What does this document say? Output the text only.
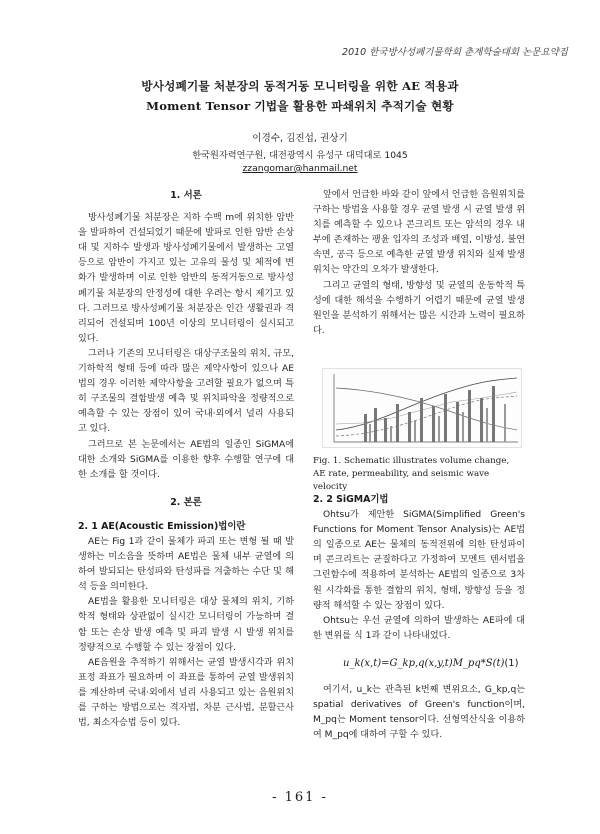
2010 한국방사성폐기물학회 춘계학술대회 논문요약집
방사성폐기물 처분장의 동적거동 모니터링을 위한 AE 적용과
Moment Tensor 기법을 활용한 파쇄위치 추적기술 현황
이경수, 김진섭, 권상기
한국원자력연구원, 대전광역시 유성구 대덕대로 1045
zzangomar@hanmail.net
1. 서론

방사성폐기물 처분장은 지하 수백 m에 위치한 암반을 발파하여 건설되었기 때문에 발파로 인한 암반 손상대 및 지하수 발생과 방사성폐기물에서 발생하는 고열 등으로 암반이 가지고 있는 고유의 물성 및 체적에 변화가 발생하며 이로 인한 암반의 동적거동으로 방사성폐기물 처분장의 안정성에 대한 우려는 항시 제기고 있다. 그러므로 방사성폐기물 처분장은 인간 생활권과 격리되어 건설되며 100년 이상의 모니터링이 실시되고 있다.

그러나 기존의 모니터링은 대상구조물의 위치, 규모, 기하학적 형태 등에 따라 많은 제약사항이 있으나 AE법의 경우 이러한 제약사항을 고려할 필요가 없으며 특히 구조물의 결함발생 예측 및 위치파악을 정량적으로 예측할 수 있는 장점이 있어 국내·외에서 널리 사용되고 있다.

그러므로 본 논문에서는 AE법의 일종인 SiGMA에 대한 소개와 SiGMA를 이용한 향후 수행할 연구에 대한 소개를 할 것이다.

2. 본론
2. 1 AE(Acoustic Emission)법이란

AE는 Fig 1과 같이 물체가 파괴 또는 변형 될 때 발생하는 미소음을 뜻하며 AE법은 물체 내부 균열에 의하여 발되되는 탄성파와 탄성파를 겨출하는 수단 및 해석 등을 의미한다.

AE법을 활용한 모니터링은 대상 물체의 위치, 기하학적 형태와 상관없이 실시간 모니터링이 가능하며 결함 또는 손상 발생 예측 및 파괴 발생 시 발생 위치를 정량적으로 수행할 수 있는 장점이 있다.

AE음원을 추적하기 위해서는 균열 발생시각과 위치표정 좌표가 필요하며 이 좌표를 통하여 균열 발생위치를 계산하며 국내·외에서 널리 사용되고 있는 음원위치를 구하는 방법으로는 격자법, 차분 근사법, 분할근사법, 최소자승법 등이 있다.

앞에서 언급한 바와 같이 앞에서 언급한 음원위치를 구하는 방법을 사용할 경우 균열 발생 시 균열 발생 위치를 예측할 수 있으나 콘크리트 또는 암석의 경우 내부에 존재하는 팽윤 입자의 조성과 배열, 이방성, 불연속면, 공극 등으로 예측한 균열 발생 위치와 실제 발생 위치는 약간의 오차가 발생한다.

그리고 균열의 형태, 방향성 및 균열의 운동학적 특성에 대한 해석을 수행하기 어렵기 때문에 균열 발생 원인을 분석하기 위해서는 많은 시간과 노력이 필요하다.

Fig. 1. Schematic illustrates volume change, AE rate, permeability, and seismic wave velocity
2. 2 SiGMA기법

Ohtsu가 제안한 SiGMA(Simplified Green's Functions for Moment Tensor Analysis)는 AE법의 일종으로 AE는 물체의 동적전위에 의한 탄성파이며 콘크리트는 균질하다고 가정하여 모멘트 텐서법을 그린함수에 적용하여 분석하는 AE법의 일종으로 3차원 시각화를 통한 결함의 위치, 형태, 방향성 등을 정량적 해석할 수 있는 장점이 있다.

Ohtsu는 우선 균열에 의하여 발생하는 AE파에 대한 변위를 식 1과 같이 나타내었다.

u_k(x,t)=G_kp,q(x,y,t)M_pq*S(t) (1)

여기서, u_k는 관측된 k번째 변위요소, G_kp,q는 spatial derivatives of Green's function이며, M_pq는 Moment tensor이다. 선형역산식을 이용하여 M_pq에 대하여 구할 수 있다.

- 161 -
